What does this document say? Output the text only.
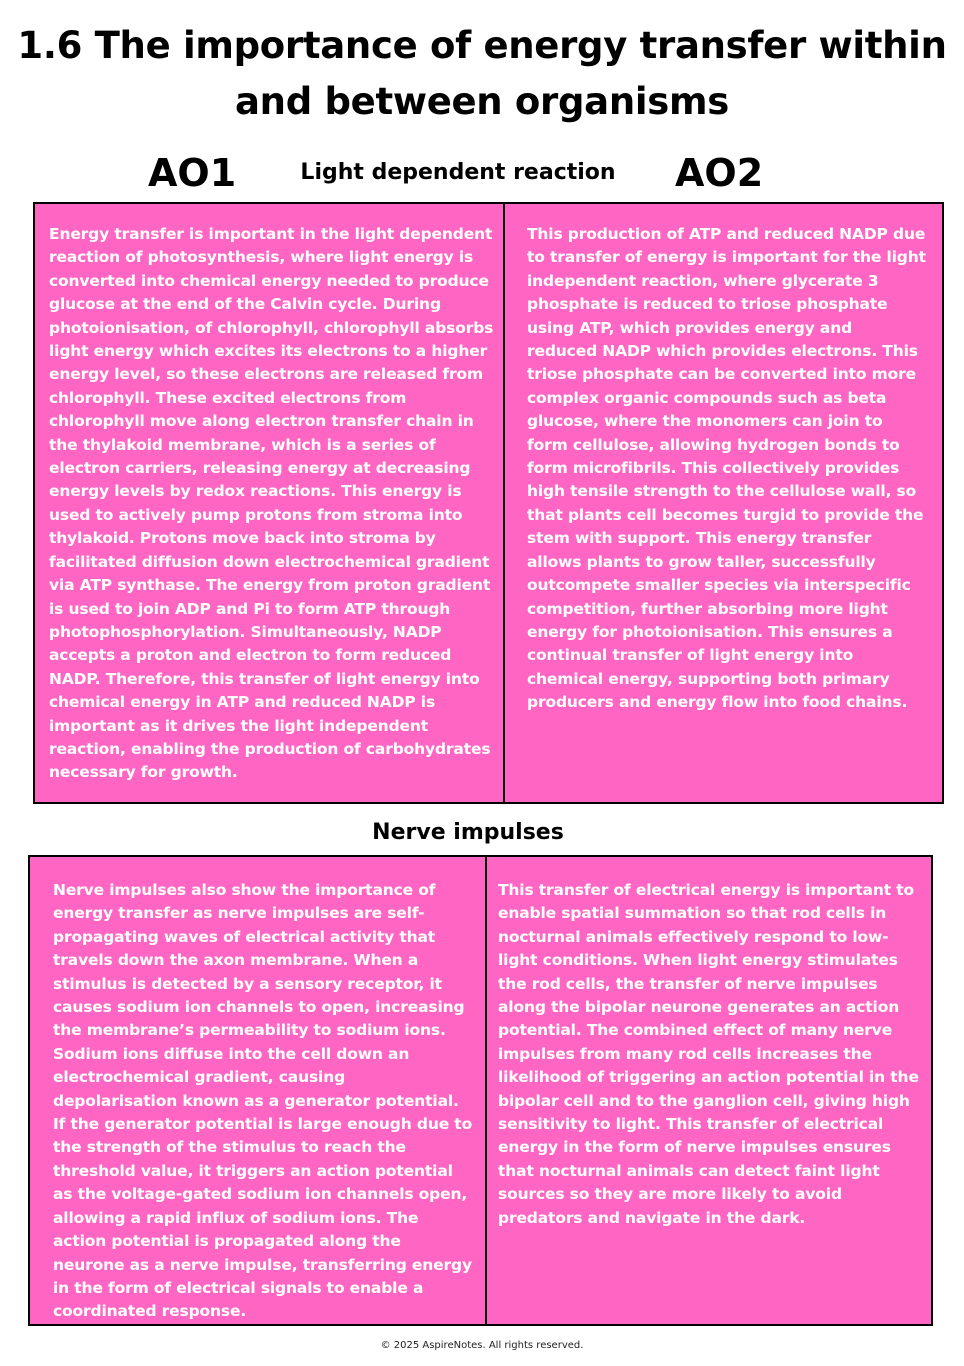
1.6 The importance of energy transfer within and between organisms
AO1	Light dependent reaction	AO2

Energy transfer is important in the light dependent reaction of photosynthesis, where light energy is converted into chemical energy needed to produce glucose at the end of the Calvin cycle. During photoionisation, of chlorophyll, chlorophyll absorbs light energy which excites its electrons to a higher energy level, so these electrons are released from chlorophyll. These excited electrons from chlorophyll move along electron transfer chain in the thylakoid membrane, which is a series of electron carriers, releasing energy at decreasing energy levels by redox reactions. This energy is used to actively pump protons from stroma into thylakoid. Protons move back into stroma by facilitated diffusion down electrochemical gradient via ATP synthase. The energy from proton gradient is used to join ADP and Pi to form ATP through photophosphorylation. Simultaneously, NADP accepts a proton and electron to form reduced NADP. Therefore, this transfer of light energy into chemical energy in ATP and reduced NADP is important as it drives the light independent reaction, enabling the production of carbohydrates necessary for growth.

This production of ATP and reduced NADP due to transfer of energy is important for the light independent reaction, where glycerate 3 phosphate is reduced to triose phosphate using ATP, which provides energy and reduced NADP which provides electrons. This triose phosphate can be converted into more complex organic compounds such as beta glucose, where the monomers can join to form cellulose, allowing hydrogen bonds to form microfibrils. This collectively provides high tensile strength to the cellulose wall, so that plants cell becomes turgid to provide the stem with support. This energy transfer allows plants to grow taller, successfully outcompete smaller species via interspecific competition, further absorbing more light energy for photoionisation. This ensures a continual transfer of light energy into chemical energy, supporting both primary producers and energy flow into food chains.

Nerve impulses

Nerve impulses also show the importance of energy transfer as nerve impulses are self-propagating waves of electrical activity that travels down the axon membrane. When a stimulus is detected by a sensory receptor, it causes sodium ion channels to open, increasing the membrane’s permeability to sodium ions. Sodium ions diffuse into the cell down an electrochemical gradient, causing depolarisation known as a generator potential. If the generator potential is large enough due to the strength of the stimulus to reach the threshold value, it triggers an action potential as the voltage-gated sodium ion channels open, allowing a rapid influx of sodium ions. The action potential is propagated along the neurone as a nerve impulse, transferring energy in the form of electrical signals to enable a coordinated response.

This transfer of electrical energy is important to enable spatial summation so that rod cells in nocturnal animals effectively respond to low-light conditions. When light energy stimulates the rod cells, the transfer of nerve impulses along the bipolar neurone generates an action potential. The combined effect of many nerve impulses from many rod cells increases the likelihood of triggering an action potential in the bipolar cell and to the ganglion cell, giving high sensitivity to light. This transfer of electrical energy in the form of nerve impulses ensures that nocturnal animals can detect faint light sources so they are more likely to avoid predators and navigate in the dark.

© 2025 AspireNotes. All rights reserved.
